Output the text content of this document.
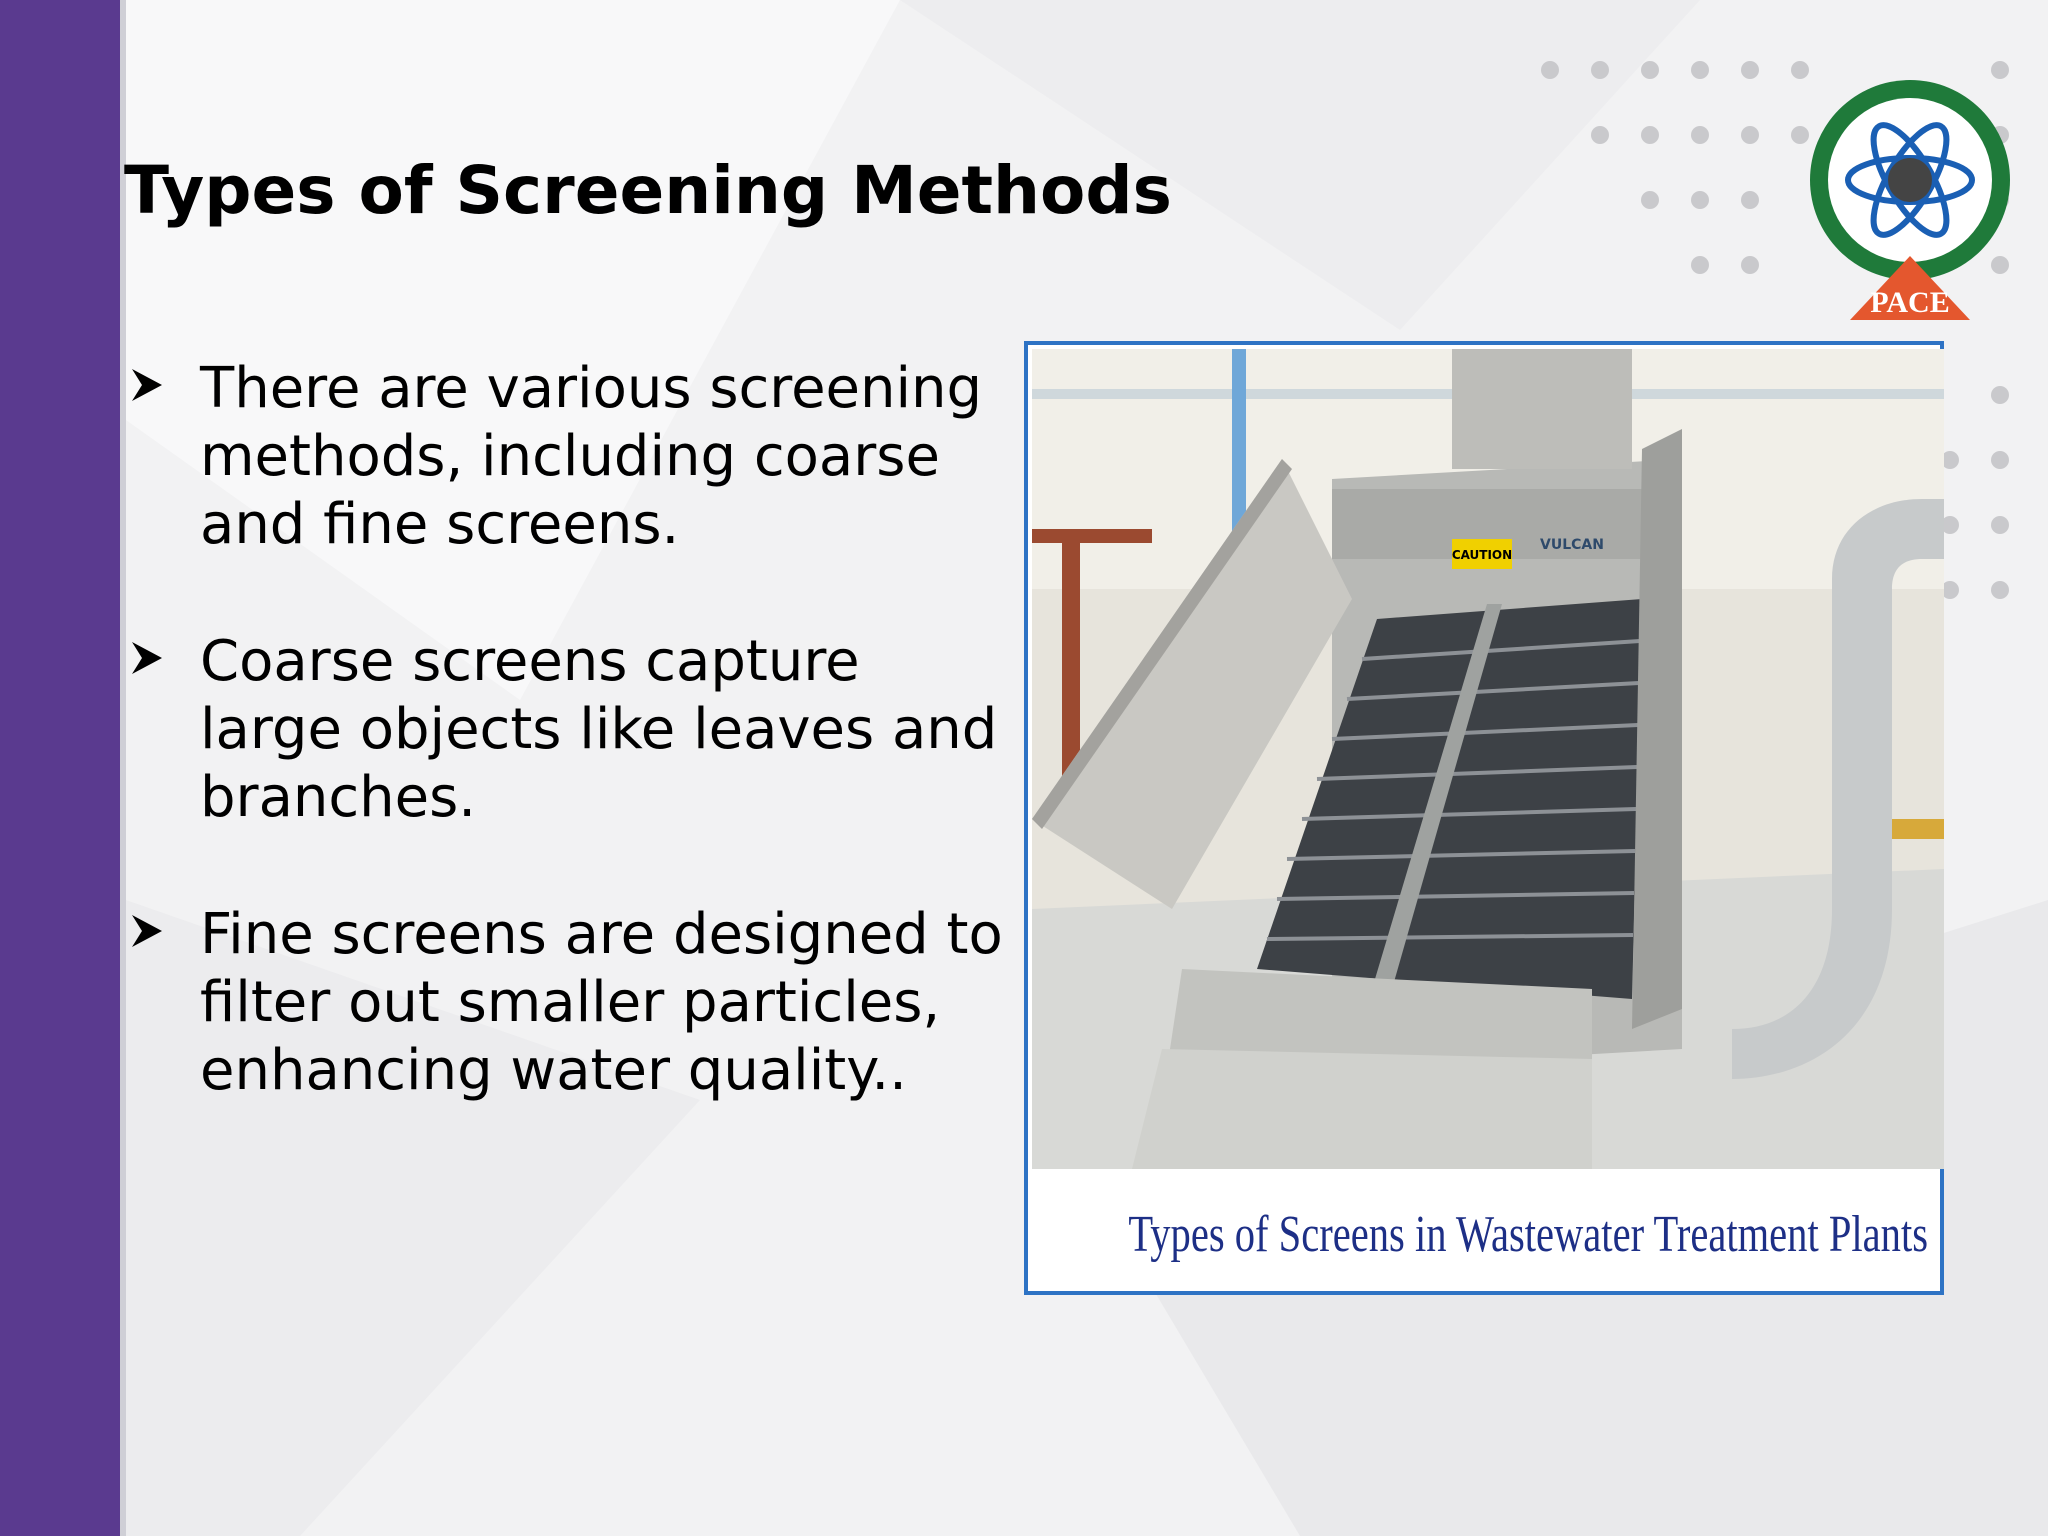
PACE
Types of Screening Methods
There are various screening methods, including coarse and fine screens.
Coarse screens capture large objects like leaves and branches.
Fine screens are designed to filter out smaller particles, enhancing water quality..
CAUTION
VULCAN
Types of Screens in Wastewater Treatment Plants
